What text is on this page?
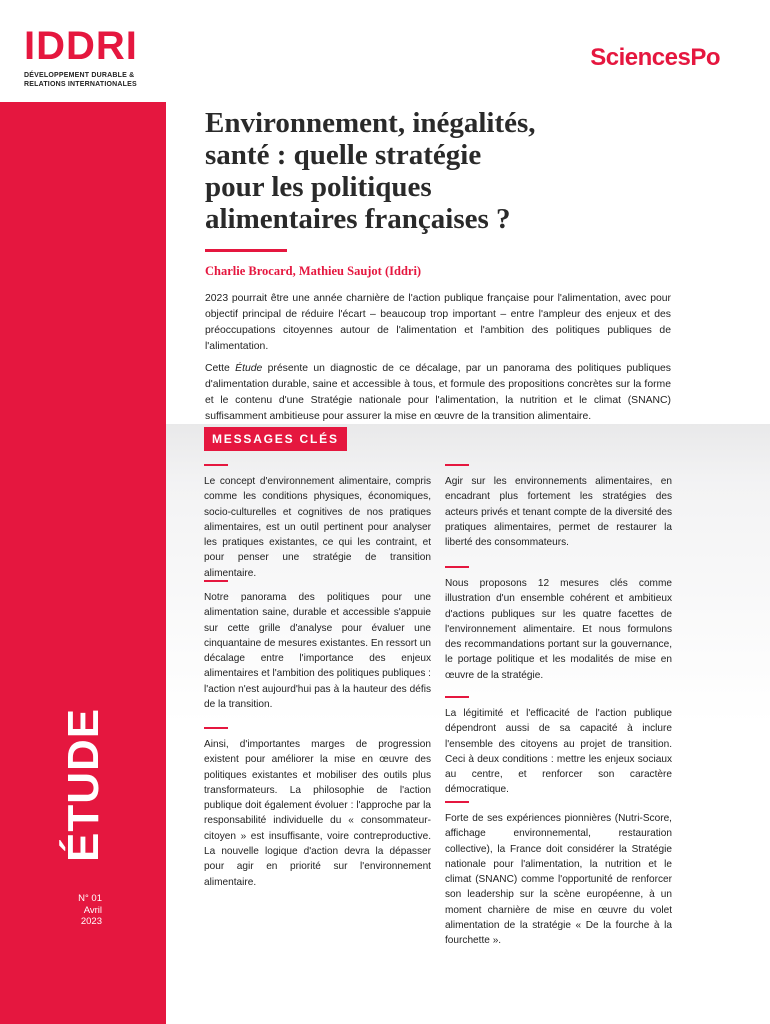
IDDRI
DÉVELOPPEMENT DURABLE &
RELATIONS INTERNATIONALES
SciencesPo
ÉTUDE
N° 01
Avril
2023
Environnement, inégalités,
santé : quelle stratégie
pour les politiques
alimentaires françaises ?
Charlie Brocard, Mathieu Saujot (Iddri)

2023 pourrait être une année charnière de l'action publique française pour l'alimentation, avec pour objectif principal de réduire l'écart – beaucoup trop important – entre l'ampleur des enjeux et des préoccupations citoyennes autour de l'alimentation et l'ambition des politiques publiques de l'alimentation.

Cette Étude présente un diagnostic de ce décalage, par un panorama des politiques publiques d'alimentation durable, saine et accessible à tous, et formule des propositions concrètes sur la forme et le contenu d'une Stratégie nationale pour l'alimentation, la nutrition et le climat (SNANC) suffisamment ambitieuse pour assurer la mise en œuvre de la transition alimentaire.

MESSAGES CLÉS
Le concept d'environnement alimentaire, compris comme les conditions physiques, économiques, socio-culturelles et cognitives de nos pratiques alimentaires, est un outil pertinent pour analyser les pratiques existantes, ce qui les contraint, et pour penser une stratégie de transition alimentaire.
Notre panorama des politiques pour une alimentation saine, durable et accessible s'appuie sur cette grille d'analyse pour évaluer une cinquantaine de mesures existantes. En ressort un décalage entre l'importance des enjeux alimentaires et l'ambition des politiques publiques : l'action n'est aujourd'hui pas à la hauteur des défis de la transition.
Ainsi, d'importantes marges de progression existent pour améliorer la mise en œuvre des politiques existantes et mobiliser des outils plus transformateurs. La philosophie de l'action publique doit également évoluer : l'approche par la responsabilité individuelle du « consommateur-citoyen » est insuffisante, voire contreproductive. La nouvelle logique d'action devra la dépasser pour agir en priorité sur l'environnement alimentaire.
Agir sur les environnements alimentaires, en encadrant plus fortement les stratégies des acteurs privés et tenant compte de la diversité des pratiques alimentaires, permet de restaurer la liberté des consommateurs.
Nous proposons 12 mesures clés comme illustration d'un ensemble cohérent et ambitieux d'actions publiques sur les quatre facettes de l'environnement alimentaire. Et nous formulons des recommandations portant sur la gouvernance, le portage politique et les modalités de mise en œuvre de la stratégie.
La légitimité et l'efficacité de l'action publique dépendront aussi de sa capacité à inclure l'ensemble des citoyens au projet de transition. Ceci à deux conditions : mettre les enjeux sociaux au centre, et renforcer son caractère démocratique.
Forte de ses expériences pionnières (Nutri-Score, affichage environnemental, restauration collective), la France doit considérer la Stratégie nationale pour l'alimentation, la nutrition et le climat (SNANC) comme l'opportunité de renforcer son leadership sur la scène européenne, à un moment charnière de mise en œuvre du volet alimentation de la stratégie « De la fourche à la fourchette ».
